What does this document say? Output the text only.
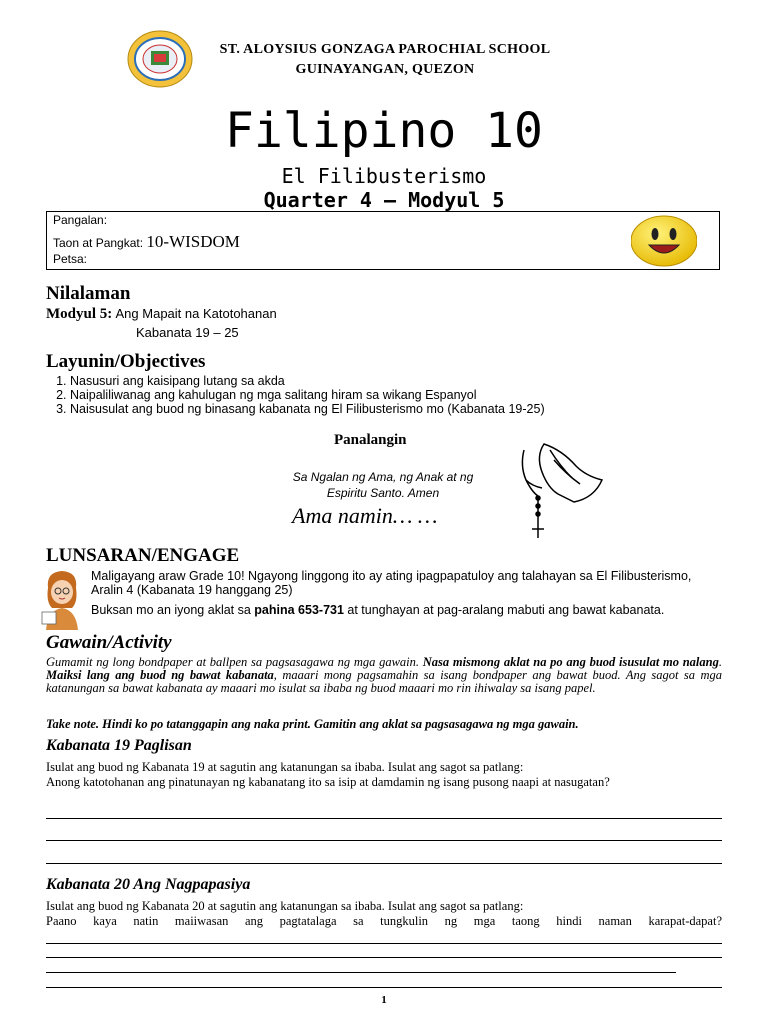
ST. ALOYSIUS GONZAGA PAROCHIAL SCHOOL
GUINAYANGAN, QUEZON
Filipino 10
El Filibusterismo
Quarter 4 – Modyul 5
Pangalan:
Taon at Pangkat: 10-WISDOM
Petsa:
Nilalaman
Modyul 5: Ang Mapait na Katotohanan
Kabanata 19 – 25
Layunin/Objectives
1. Nasusuri ang kaisipang lutang sa akda
2. Naipaliliwanag ang kahulugan ng mga salitang hiram sa wikang Espanyol
3. Naisusulat ang buod ng binasang kabanata ng El Filibusterismo mo (Kabanata 19-25)
Panalangin
Sa Ngalan ng Ama, ng Anak at ng
Espiritu Santo. Amen
Ama namin… …
LUNSARAN/ENGAGE
Maligayang araw Grade 10! Ngayong linggong ito ay ating ipagpapatuloy ang talahayan sa El Filibusterismo, Aralin 4 (Kabanata 19 hanggang 25)
Buksan mo an iyong aklat sa pahina 653-731 at tunghayan at pag-aralang mabuti ang bawat kabanata.
Gawain/Activity
Gumamit ng long bondpaper at ballpen sa pagsasagawa ng mga gawain. Nasa mismong aklat na po ang buod isusulat mo nalang. Maiksi lang ang buod ng bawat kabanata, maaari mong pagsamahin sa isang bondpaper ang bawat buod. Ang sagot sa mga katanungan sa bawat kabanata ay maaari mo isulat sa ibaba ng buod maaari mo rin ihiwalay sa isang papel.
Take note. Hindi ko po tatanggapin ang naka print. Gamitin ang aklat sa pagsasagawa ng mga gawain.
Kabanata 19 Paglisan
Isulat ang buod ng Kabanata 19 at sagutin ang katanungan sa ibaba. Isulat ang sagot sa patlang:
Anong katotohanan ang pinatunayan ng kabanatang ito sa isip at damdamin ng isang pusong naapi at nasugatan?
Kabanata 20 Ang Nagpapasiya
Isulat ang buod ng Kabanata 20 at sagutin ang katanungan sa ibaba. Isulat ang sagot sa patlang:
Paano kaya natin maiiwasan ang pagtatalaga sa tungkulin ng mga taong hindi naman karapat-dapat?
1
